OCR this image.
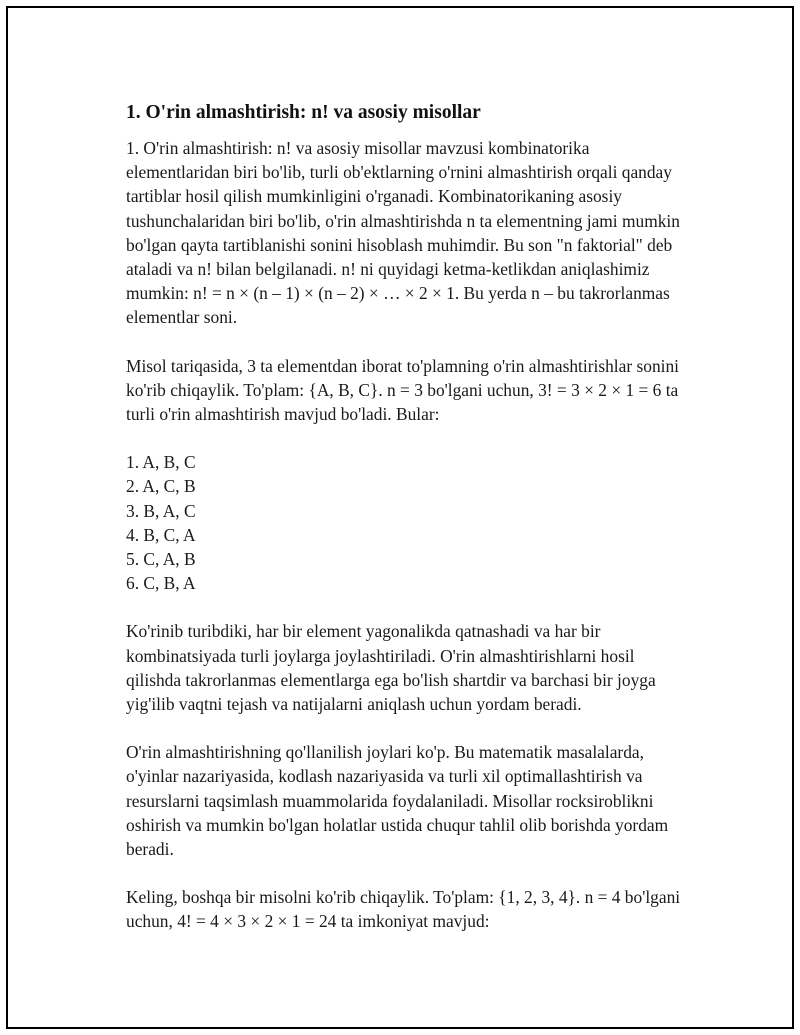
1. O'rin almashtirish: n! va asosiy misollar

1. O'rin almashtirish: n! va asosiy misollar mavzusi kombinatorika elementlaridan biri bo'lib, turli ob'ektlarning o'rnini almashtirish orqali qanday tartiblar hosil qilish mumkinligini o'rganadi. Kombinatorikaning asosiy tushunchalaridan biri bo'lib, o'rin almashtirishda n ta elementning jami mumkin bo'lgan qayta tartiblanishi sonini hisoblash muhimdir. Bu son "n faktorial" deb ataladi va n! bilan belgilanadi. n! ni quyidagi ketma-ketlikdan aniqlashimiz mumkin: n! = n × (n – 1) × (n – 2) × … × 2 × 1. Bu yerda n – bu takrorlanmas elementlar soni.

Misol tariqasida, 3 ta elementdan iborat to'plamning o'rin almashtirishlar sonini ko'rib chiqaylik. To'plam: {A, B, C}. n = 3 bo'lgani uchun, 3! = 3 × 2 × 1 = 6 ta turli o'rin almashtirish mavjud bo'ladi. Bular:

1. A, B, C
2. A, C, B
3. B, A, C
4. B, C, A
5. C, A, B
6. C, B, A

Ko'rinib turibdiki, har bir element yagonalikda qatnashadi va har bir kombinatsiyada turli joylarga joylashtiriladi. O'rin almashtirishlarni hosil qilishda takrorlanmas elementlarga ega bo'lish shartdir va barchasi bir joyga yig'ilib vaqtni tejash va natijalarni aniqlash uchun yordam beradi.

O'rin almashtirishning qo'llanilish joylari ko'p. Bu matematik masalalarda, o'yinlar nazariyasida, kodlash nazariyasida va turli xil optimallashtirish va resurslarni taqsimlash muammolarida foydalaniladi. Misollar rocksiroblikni oshirish va mumkin bo'lgan holatlar ustida chuqur tahlil olib borishda yordam beradi.

Keling, boshqa bir misolni ko'rib chiqaylik. To'plam: {1, 2, 3, 4}. n = 4 bo'lgani uchun, 4! = 4 × 3 × 2 × 1 = 24 ta imkoniyat mavjud:
